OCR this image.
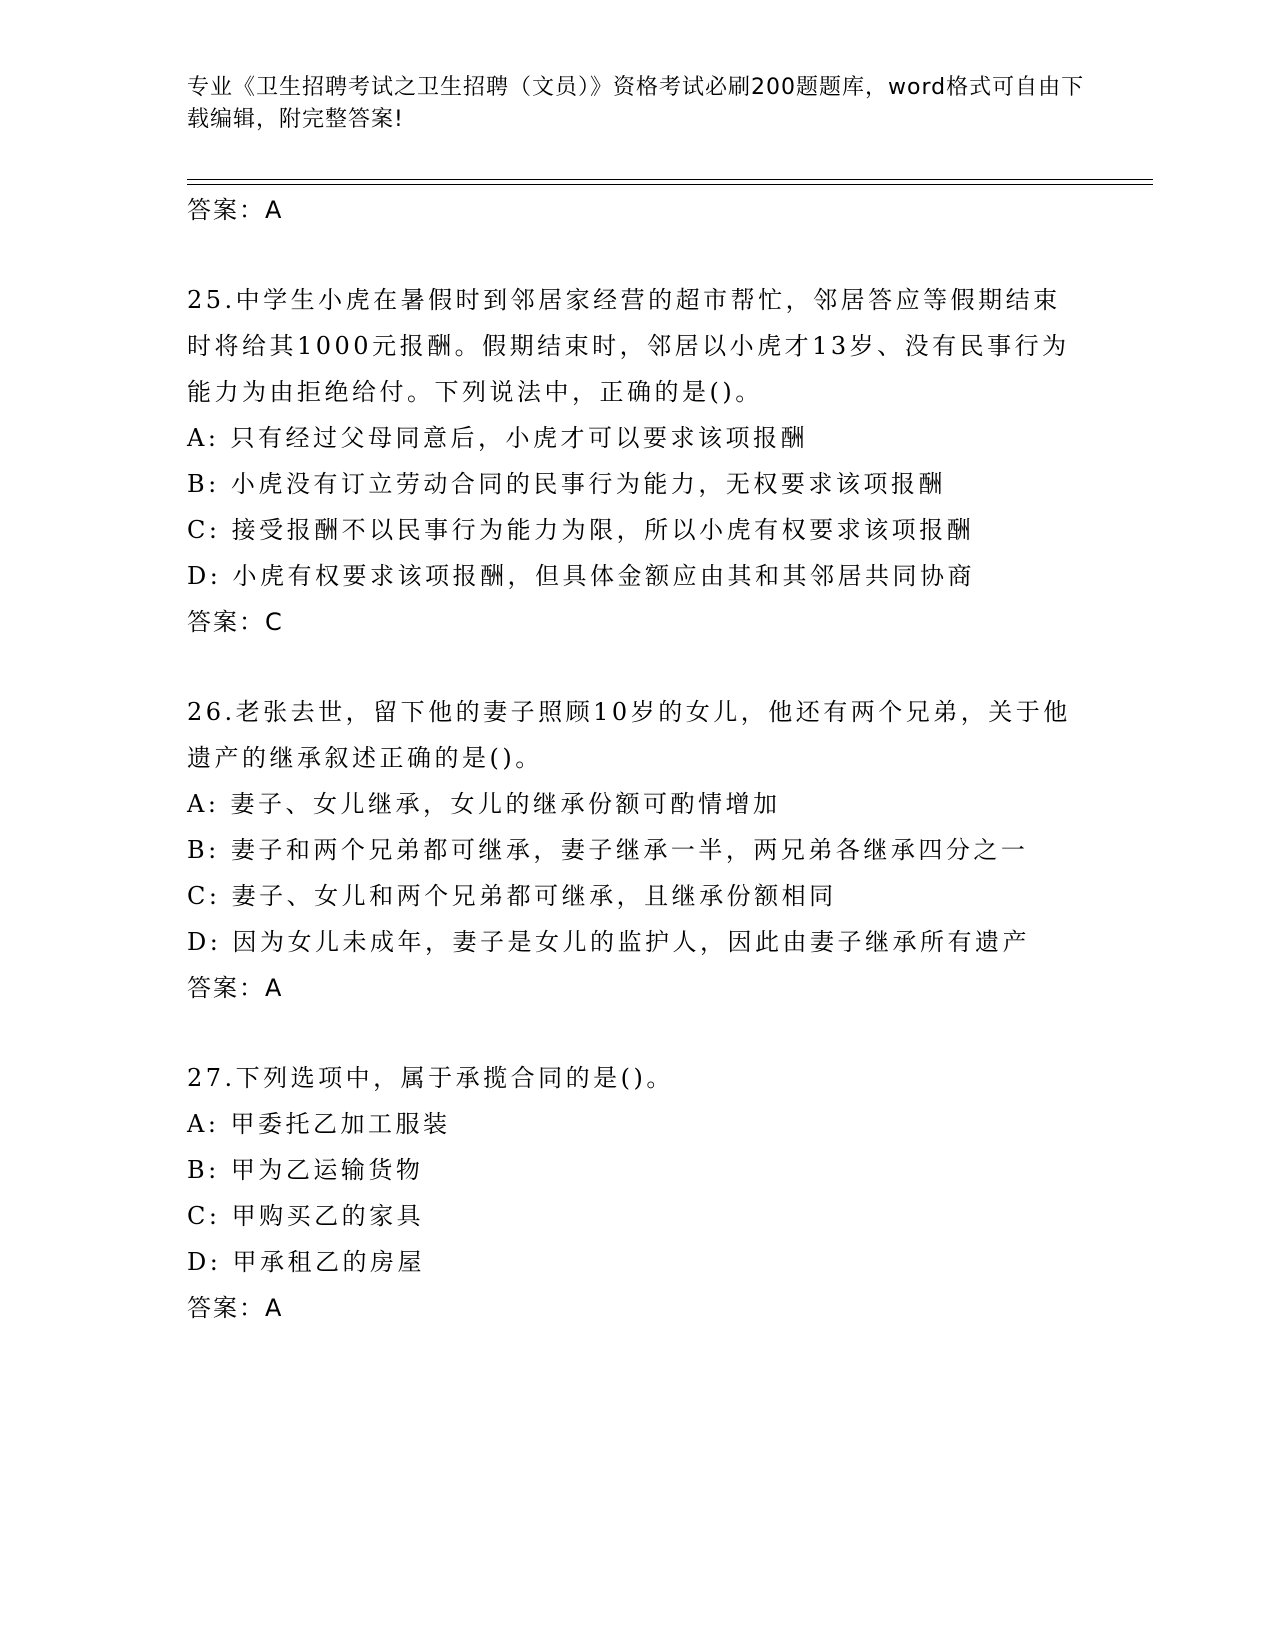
专业《卫生招聘考试之卫生招聘（文员）》资格考试必刷200题题库，word格式可自由下载编辑，附完整答案!
答案：A

25.中学生小虎在暑假时到邻居家经营的超市帮忙，邻居答应等假期结束时将给其1000元报酬。假期结束时，邻居以小虎才13岁、没有民事行为能力为由拒绝给付。下列说法中，正确的是()。

A: 只有经过父母同意后，小虎才可以要求该项报酬
B: 小虎没有订立劳动合同的民事行为能力，无权要求该项报酬
C: 接受报酬不以民事行为能力为限，所以小虎有权要求该项报酬
D: 小虎有权要求该项报酬，但具体金额应由其和其邻居共同协商
答案：C

26.老张去世，留下他的妻子照顾10岁的女儿，他还有两个兄弟，关于他遗产的继承叙述正确的是()。

A: 妻子、女儿继承，女儿的继承份额可酌情增加
B: 妻子和两个兄弟都可继承，妻子继承一半，两兄弟各继承四分之一
C: 妻子、女儿和两个兄弟都可继承，且继承份额相同
D: 因为女儿未成年，妻子是女儿的监护人，因此由妻子继承所有遗产
答案：A

27.下列选项中，属于承揽合同的是()。

A: 甲委托乙加工服装
B: 甲为乙运输货物
C: 甲购买乙的家具
D: 甲承租乙的房屋
答案：A
